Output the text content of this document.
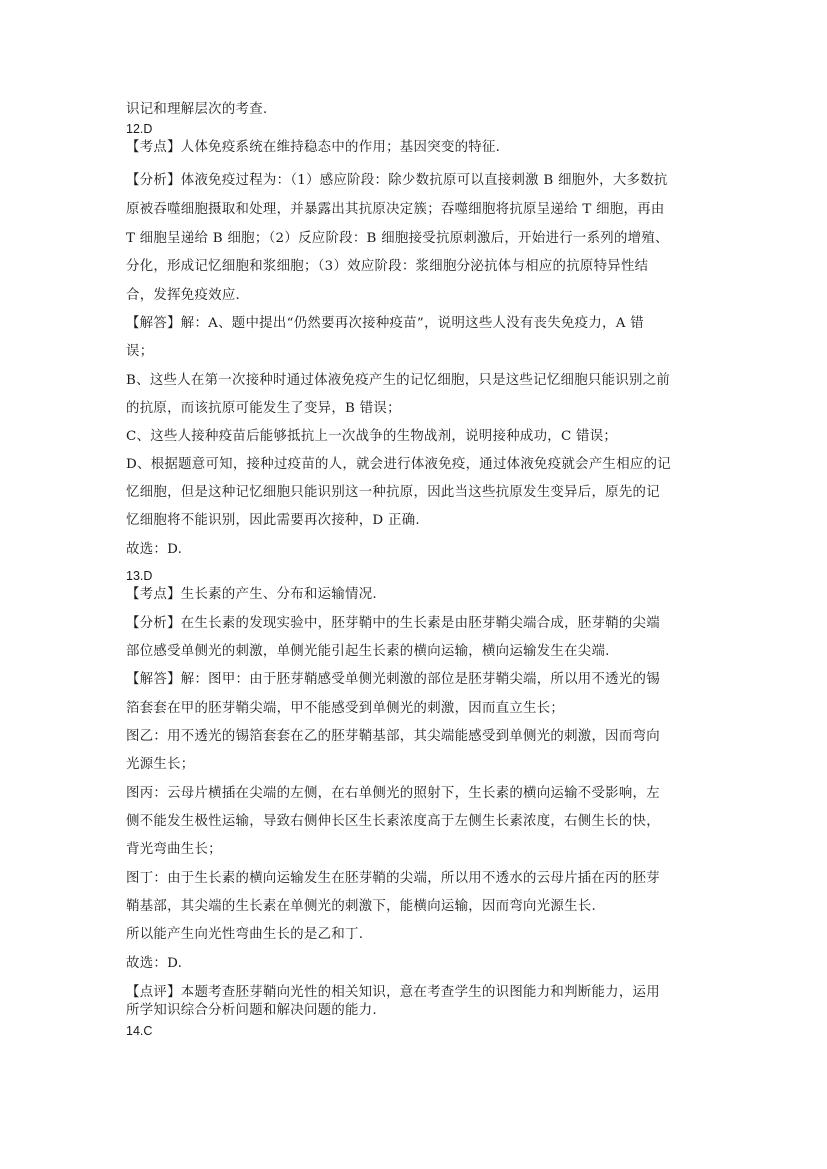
识记和理解层次的考查.
12.D
【考点】人体免疫系统在维持稳态中的作用；基因突变的特征.
【分析】体液免疫过程为：（1）感应阶段：除少数抗原可以直接刺激 B 细胞外，大多数抗
原被吞噬细胞摄取和处理，并暴露出其抗原决定簇；吞噬细胞将抗原呈递给 T 细胞，再由
T 细胞呈递给 B 细胞；（2）反应阶段：B 细胞接受抗原刺激后，开始进行一系列的增殖、
分化，形成记忆细胞和浆细胞；（3）效应阶段：浆细胞分泌抗体与相应的抗原特异性结
合，发挥免疫效应.
【解答】解：A、题中提出“仍然要再次接种疫苗”，说明这些人没有丧失免疫力，A 错
误；
B、这些人在第一次接种时通过体液免疫产生的记忆细胞，只是这些记忆细胞只能识别之前
的抗原，而该抗原可能发生了变异，B 错误；
C、这些人接种疫苗后能够抵抗上一次战争的生物战剂，说明接种成功，C 错误；
D、根据题意可知，接种过疫苗的人，就会进行体液免疫，通过体液免疫就会产生相应的记
忆细胞，但是这种记忆细胞只能识别这一种抗原，因此当这些抗原发生变异后，原先的记
忆细胞将不能识别，因此需要再次接种，D 正确.
故选：D.
13.D
【考点】生长素的产生、分布和运输情况.
【分析】在生长素的发现实验中，胚芽鞘中的生长素是由胚芽鞘尖端合成，胚芽鞘的尖端
部位感受单侧光的刺激，单侧光能引起生长素的横向运输，横向运输发生在尖端.
【解答】解：图甲：由于胚芽鞘感受单侧光刺激的部位是胚芽鞘尖端，所以用不透光的锡
箔套套在甲的胚芽鞘尖端，甲不能感受到单侧光的刺激，因而直立生长；
图乙：用不透光的锡箔套套在乙的胚芽鞘基部，其尖端能感受到单侧光的刺激，因而弯向
光源生长；
图丙：云母片横插在尖端的左侧，在右单侧光的照射下，生长素的横向运输不受影响，左
侧不能发生极性运输，导致右侧伸长区生长素浓度高于左侧生长素浓度，右侧生长的快，
背光弯曲生长；
图丁：由于生长素的横向运输发生在胚芽鞘的尖端，所以用不透水的云母片插在丙的胚芽
鞘基部，其尖端的生长素在单侧光的刺激下，能横向运输，因而弯向光源生长.
所以能产生向光性弯曲生长的是乙和丁.
故选：D.
【点评】本题考查胚芽鞘向光性的相关知识，意在考查学生的识图能力和判断能力，运用
所学知识综合分析问题和解决问题的能力.
14.C
